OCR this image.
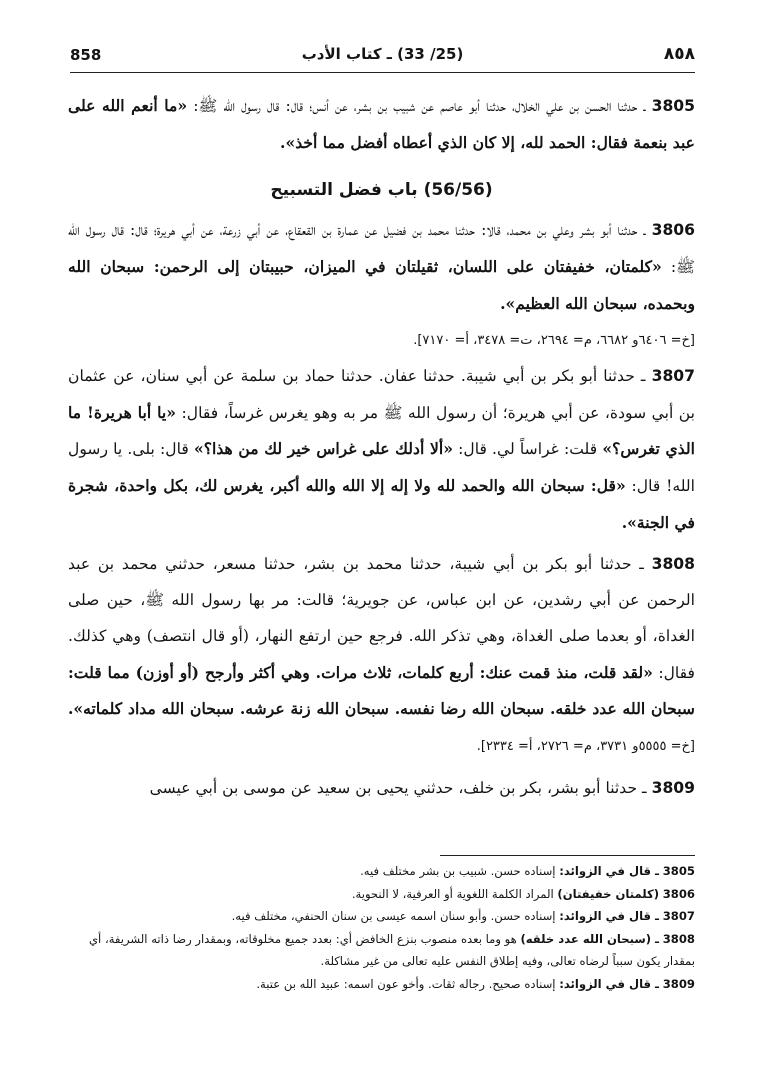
858	(25/ 33) ـ كتاب الأدب	٨٥٨

3805 ـ حدثنا الحسن بن علي الخلال، حدثنا أبو عاصم عن شبيب بن بشر، عن أنس؛ قال: قال رسول الله ﷺ: «ما أنعم الله على عبد بنعمة فقال: الحمد لله، إلا كان الذي أعطاه أفضل مما أخذ».

(56/56) باب فضل التسبيح

3806 ـ حدثنا أبو بشر وعلي بن محمد، قالا: حدثنا محمد بن فضيل عن عمارة بن القعقاع، عن أبي زرعة، عن أبي هريرة؛ قال: قال رسول الله ﷺ: «كلمتان، خفيفتان على اللسان، ثقيلتان في الميزان، حبيبتان إلى الرحمن: سبحان الله وبحمده، سبحان الله العظيم».

[خ= ٦٤٠٦و ٦٦٨٢، م= ٢٦٩٤، ت= ٣٤٧٨، أ= ٧١٧٠].

3807 ـ حدثنا أبو بكر بن أبي شيبة. حدثنا عفان. حدثنا حماد بن سلمة عن أبي سنان، عن عثمان بن أبي سودة، عن أبي هريرة؛ أن رسول الله ﷺ مر به وهو يغرس غرساً، فقال: «يا أبا هريرة! ما الذي تغرس؟» قلت: غراساً لي. قال: «ألا أدلك على غراس خير لك من هذا؟» قال: بلى. يا رسول الله! قال: «قل: سبحان الله والحمد لله ولا إله إلا الله والله أكبر، يغرس لك، بكل واحدة، شجرة في الجنة».

3808 ـ حدثنا أبو بكر بن أبي شيبة، حدثنا محمد بن بشر، حدثنا مسعر، حدثني محمد بن عبد الرحمن عن أبي رشدين، عن ابن عباس، عن جويرية؛ قالت: مر بها رسول الله ﷺ، حين صلى الغداة، أو بعدما صلى الغداة، وهي تذكر الله. فرجع حين ارتفع النهار، (أو قال انتصف) وهي كذلك. فقال: «لقد قلت، منذ قمت عنك: أربع كلمات، ثلاث مرات. وهي أكثر وأرجح (أو أوزن) مما قلت: سبحان الله عدد خلقه. سبحان الله رضا نفسه. سبحان الله زنة عرشه. سبحان الله مداد كلماته». [خ= ٥٥٥٥و ٣٧٣١، م= ٢٧٢٦، أ= ٢٣٣٤].

3809 ـ حدثنا أبو بشر، بكر بن خلف، حدثني يحيى بن سعيد عن موسى بن أبي عيسى

3805 ـ قال في الزوائد: إسناده حسن. شبيب بن بشر مختلف فيه.

3806 (كلمتان خفيفتان) المراد الكلمة اللغوية أو العرفية، لا النحوية.

3807 ـ قال في الزوائد: إسناده حسن. وأبو سنان اسمه عيسى بن سنان الحنفي، مختلف فيه.

3808 ـ (سبحان الله عدد خلقه) هو وما بعده منصوب بنزع الخافض أي: بعدد جميع مخلوقاته، وبمقدار رضا ذاته الشريفة، أي بمقدار يكون سبباً لرضاه تعالى، وفيه إطلاق النفس عليه تعالى من غير مشاكلة.

3809 ـ قال في الزوائد: إسناده صحيح. رجاله ثقات. وأخو عون اسمه: عبيد الله بن عتبة.
